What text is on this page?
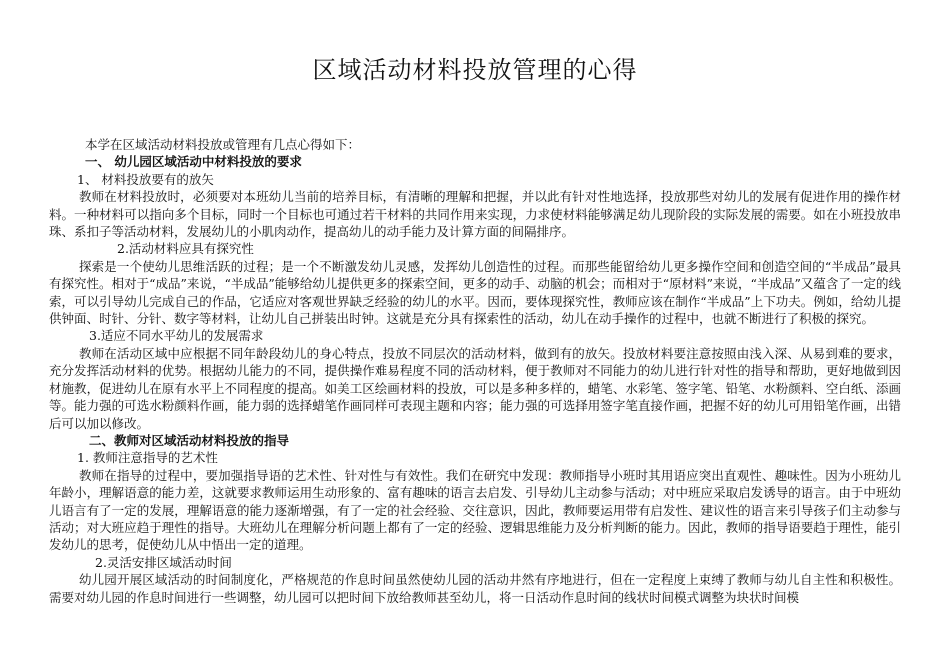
区域活动材料投放管理的心得

本学在区域活动材料投放或管理有几点心得如下：

一、 幼儿园区域活动中材料投放的要求

1、 材料投放要有的放矢

教师在材料投放时，必须要对本班幼儿当前的培养目标，有清晰的理解和把握，并以此有针对性地选择，投放那些对幼儿的发展有促进作用的操作材料。一种材料可以指向多个目标，同时一个目标也可通过若干材料的共同作用来实现，力求使材料能够满足幼儿现阶段的实际发展的需要。如在小班投放串珠、系扣子等活动材料，发展幼儿的小肌肉动作，提高幼儿的动手能力及计算方面的间隔排序。

2.活动材料应具有探究性

探索是一个使幼儿思维活跃的过程；是一个不断激发幼儿灵感，发挥幼儿创造性的过程。而那些能留给幼儿更多操作空间和创造空间的“半成品”最具有探究性。相对于“成品”来说，“半成品”能够给幼儿提供更多的探索空间，更多的动手、动脑的机会；而相对于“原材料”来说，“半成品”又蕴含了一定的线索，可以引导幼儿完成自己的作品，它适应对客观世界缺乏经验的幼儿的水平。因而，要体现探究性，教师应该在制作“半成品”上下功夫。例如，给幼儿提供钟面、时针、分针、数字等材料，让幼儿自己拼装出时钟。这就是充分具有探索性的活动，幼儿在动手操作的过程中，也就不断进行了积极的探究。

3.适应不同水平幼儿的发展需求

教师在活动区域中应根据不同年龄段幼儿的身心特点，投放不同层次的活动材料，做到有的放矢。投放材料要注意按照由浅入深、从易到难的要求，充分发挥活动材料的优势。根据幼儿能力的不同，提供操作难易程度不同的活动材料，便于教师对不同能力的幼儿进行针对性的指导和帮助，更好地做到因材施教，促进幼儿在原有水平上不同程度的提高。如美工区绘画材料的投放，可以是多种多样的，蜡笔、水彩笔、签字笔、铅笔、水粉颜料、空白纸、添画等。能力强的可选水粉颜料作画，能力弱的选择蜡笔作画同样可表现主题和内容；能力强的可选择用签字笔直接作画，把握不好的幼儿可用铅笔作画，出错后可以加以修改。

二、教师对区域活动材料投放的指导

1. 教师注意指导的艺术性

教师在指导的过程中，要加强指导语的艺术性、针对性与有效性。我们在研究中发现：教师指导小班时其用语应突出直观性、趣味性。因为小班幼儿年龄小，理解语意的能力差，这就要求教师运用生动形象的、富有趣味的语言去启发、引导幼儿主动参与活动；对中班应采取启发诱导的语言。由于中班幼儿语言有了一定的发展，理解语意的能力逐渐增强，有了一定的社会经验、交往意识，因此，教师要运用带有启发性、建议性的语言来引导孩子们主动参与活动；对大班应趋于理性的指导。大班幼儿在理解分析问题上都有了一定的经验、逻辑思维能力及分析判断的能力。因此，教师的指导语要趋于理性，能引发幼儿的思考，促使幼儿从中悟出一定的道理。

2.灵活安排区域活动时间

幼儿园开展区域活动的时间制度化，严格规范的作息时间虽然使幼儿园的活动井然有序地进行，但在一定程度上束缚了教师与幼儿自主性和积极性。需要对幼儿园的作息时间进行一些调整，幼儿园可以把时间下放给教师甚至幼儿，将一日活动作息时间的线状时间模式调整为块状时间模
